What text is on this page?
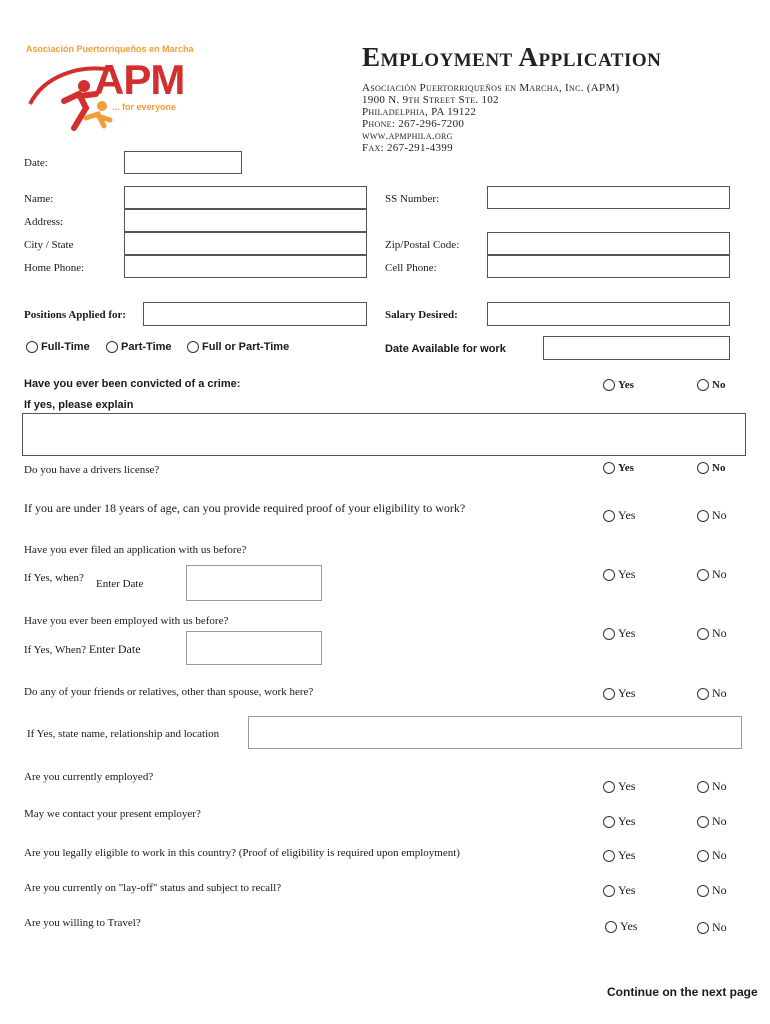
Asociación Puertorriqueños en Marcha
APM
... for everyone
Employment Application
Asociación Puertorriqueños en Marcha, Inc. (APM)
1900 N. 9th Street Ste. 102
Philadelphia, PA 19122
Phone: 267-296-7200
www.apmphila.org
Fax: 267-291-4399
Date:
Name:	SS Number:
Address:
City / State	Zip/Postal Code:
Home Phone:	Cell Phone:
Positions Applied for:	Salary Desired:
Full-Time	Part-Time	Full or Part-Time	Date Available for work
Have you ever been convicted of a crime:	Yes	No
If yes, please explain
Do you have a drivers license?	Yes	No
If you are under 18 years of age, can you provide required proof of your eligibility to work?	Yes	No
Have you ever filed an application with us before?
If Yes, when? Enter Date
Yes	No
Have you ever been employed with us before?
If Yes, When? Enter Date
Yes	No
Do any of your friends or relatives, other than spouse, work here?	Yes	No
If Yes, state name, relationship and location
Are you currently employed?
Yes	No
May we contact your present employer?	Yes	No
Are you legally eligible to work in this country? (Proof of eligibility is required upon employment)	Yes	No
Are you currently on "lay-off" status and subject to recall?	Yes	No
Are you willing to Travel?	Yes	No
Continue on the next page
